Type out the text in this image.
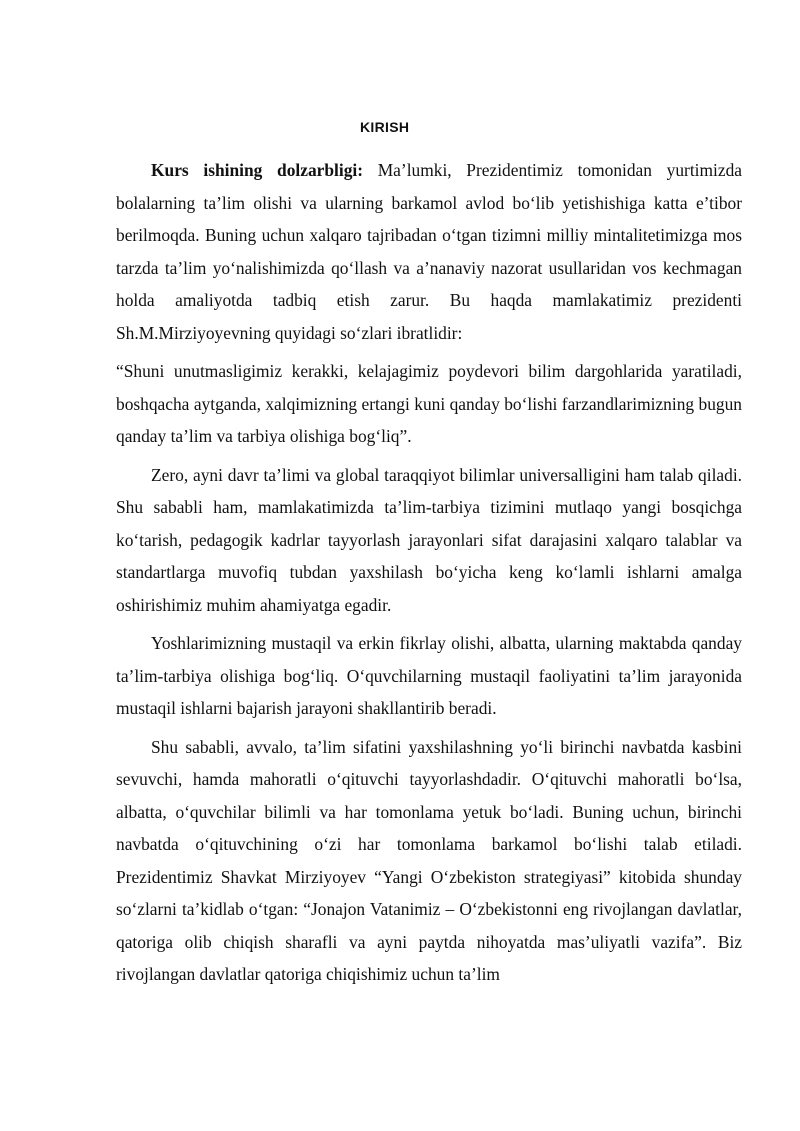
KIRISH

Kurs ishining dolzarbligi: Ma’lumki, Prezidentimiz tomonidan yurtimizda bolalarning ta’lim olishi va ularning barkamol avlod bo‘lib yetishishiga katta e’tibor berilmoqda. Buning uchun xalqaro tajribadan o‘tgan tizimni milliy mintalitetimizga mos tarzda ta’lim yo‘nalishimizda qo‘llash va a’nanaviy nazorat usullaridan vos kechmagan holda amaliyotda tadbiq etish zarur. Bu haqda mamlakatimiz prezidenti Sh.M.Mirziyoyevning quyidagi so‘zlari ibratlidir:

“Shuni unutmasligimiz kerakki, kelajagimiz poydevori bilim dargohlarida yaratiladi, boshqacha aytganda, xalqimizning ertangi kuni qanday bo‘lishi farzandlarimizning bugun qanday ta’lim va tarbiya olishiga bog‘liq”.

Zero, ayni davr ta’limi va global taraqqiyot bilimlar universalligini ham talab qiladi. Shu sababli ham, mamlakatimizda ta’lim-tarbiya tizimini mutlaqo yangi bosqichga ko‘tarish, pedagogik kadrlar tayyorlash jarayonlari sifat darajasini xalqaro talablar va standartlarga muvofiq tubdan yaxshilash bo‘yicha keng ko‘lamli ishlarni amalga oshirishimiz muhim ahamiyatga egadir.

Yoshlarimizning mustaqil va erkin fikrlay olishi, albatta, ularning maktabda qanday ta’lim-tarbiya olishiga bog‘liq. O‘quvchilarning mustaqil faoliyatini ta’lim jarayonida mustaqil ishlarni bajarish jarayoni shakllantirib beradi.

Shu sababli, avvalo, ta’lim sifatini yaxshilashning yo‘li birinchi navbatda kasbini sevuvchi, hamda mahoratli o‘qituvchi tayyorlashdadir. O‘qituvchi mahoratli bo‘lsa, albatta, o‘quvchilar bilimli va har tomonlama yetuk bo‘ladi. Buning uchun, birinchi navbatda o‘qituvchining o‘zi har tomonlama barkamol bo‘lishi talab etiladi. Prezidentimiz Shavkat Mirziyoyev “Yangi O‘zbekiston strategiyasi” kitobida shunday so‘zlarni ta’kidlab o‘tgan: “Jonajon Vatanimiz – O‘zbekistonni eng rivojlangan davlatlar, qatoriga olib chiqish sharafli va ayni paytda nihoyatda mas’uliyatli vazifa”. Biz rivojlangan davlatlar qatoriga chiqishimiz uchun ta’lim
